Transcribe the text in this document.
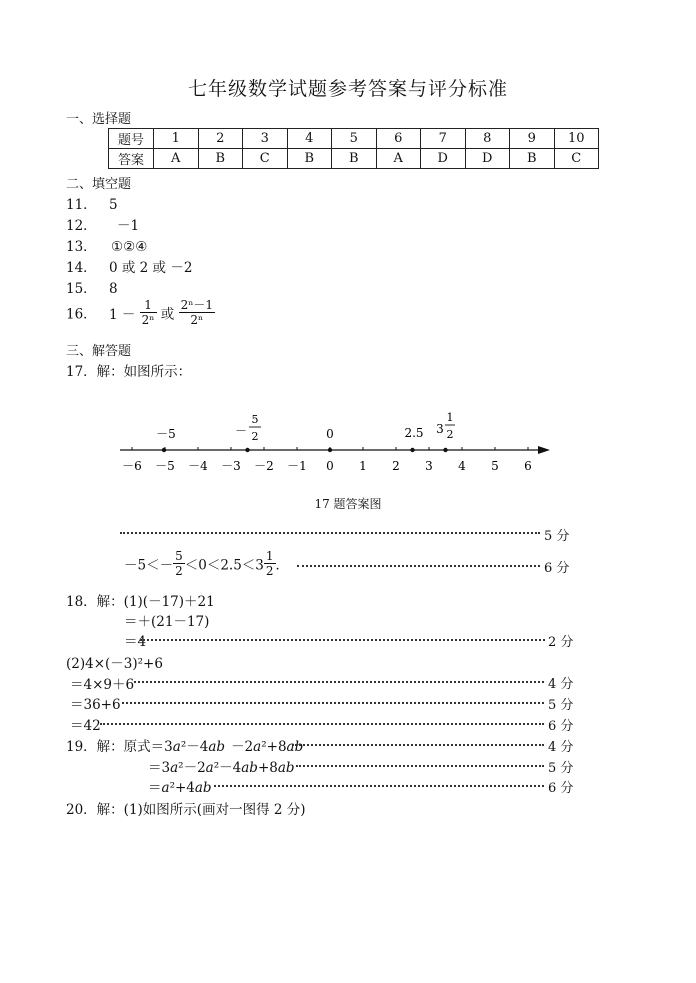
七年级数学试题参考答案与评分标准
一、选择题
题号	1	2	3	4	5	6	7	8	9	10
答案	A	B	C	B	B	A	D	D	B	C
二、填空题
11． 5
12． －1
13． ①②④
14． 0 或 2 或 －2
15． 8
16． $1 - \frac{1}{\text{2ⁿ}}$ 或 $\frac{\text{2ⁿ－1}}{\text{2ⁿ}}$
三、解答题
17．解：如图所示：
－6 －5 －4 －3 －2 －1 0 1 2 3 4 5 6
－5	－
5
2	0	2.5 3
1
2
17 题答案图
5 分
$-5<- \frac{5}{2} <0<2.5<3 \frac{1}{2}$ ．	6 分
18．解：(1)(－17)＋21
＝＋(21－17)
＝4	2 分
(2)4×(－3)²+6
＝4×9＋6	4 分
＝36+6	5 分
＝42	6 分
19．解：原式＝3a²－4ab －2a²+8ab	4 分
＝3a²－2a²－4ab+8ab	5 分
＝a²+4ab	6 分
20．解：(1)如图所示(画对一图得 2 分)
